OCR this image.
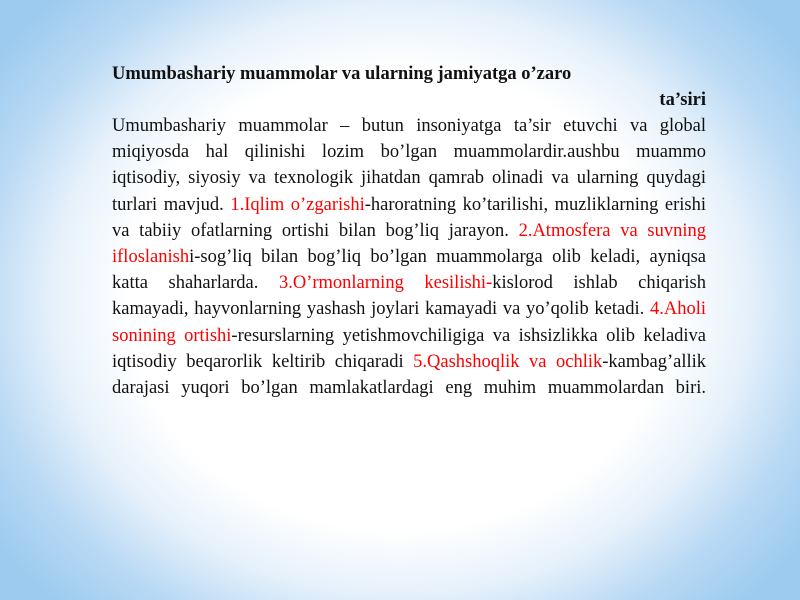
Umumbashariy muammolar va ularning jamiyatga o’zaro
ta’siri

Umumbashariy muammolar – butun insoniyatga ta’sir etuvchi va global miqiyosda hal qilinishi lozim bo’lgan muammolardir.aushbu muammo iqtisodiy, siyosiy va texnologik jihatdan qamrab olinadi va ularning quydagi turlari mavjud. 1.Iqlim o’zgarishi-haroratning ko’tarilishi, muzliklarning erishi va tabiiy ofatlarning ortishi bilan bog’liq jarayon. 2.Atmosfera va suvning ifloslanishi-sog’liq bilan bog’liq bo’lgan muammolarga olib keladi, ayniqsa katta shaharlarda. 3.O’rmonlarning kesilishi-kislorod ishlab chiqarish kamayadi, hayvonlarning yashash joylari kamayadi va yo’qolib ketadi. 4.Aholi sonining ortishi-resurslarning yetishmovchiligiga va ishsizlikka olib keladiva iqtisodiy beqarorlik keltirib chiqaradi 5.Qashshoqlik va ochlik-kambag’allik darajasi yuqori bo’lgan mamlakatlardagi eng muhim muammolardan biri.
